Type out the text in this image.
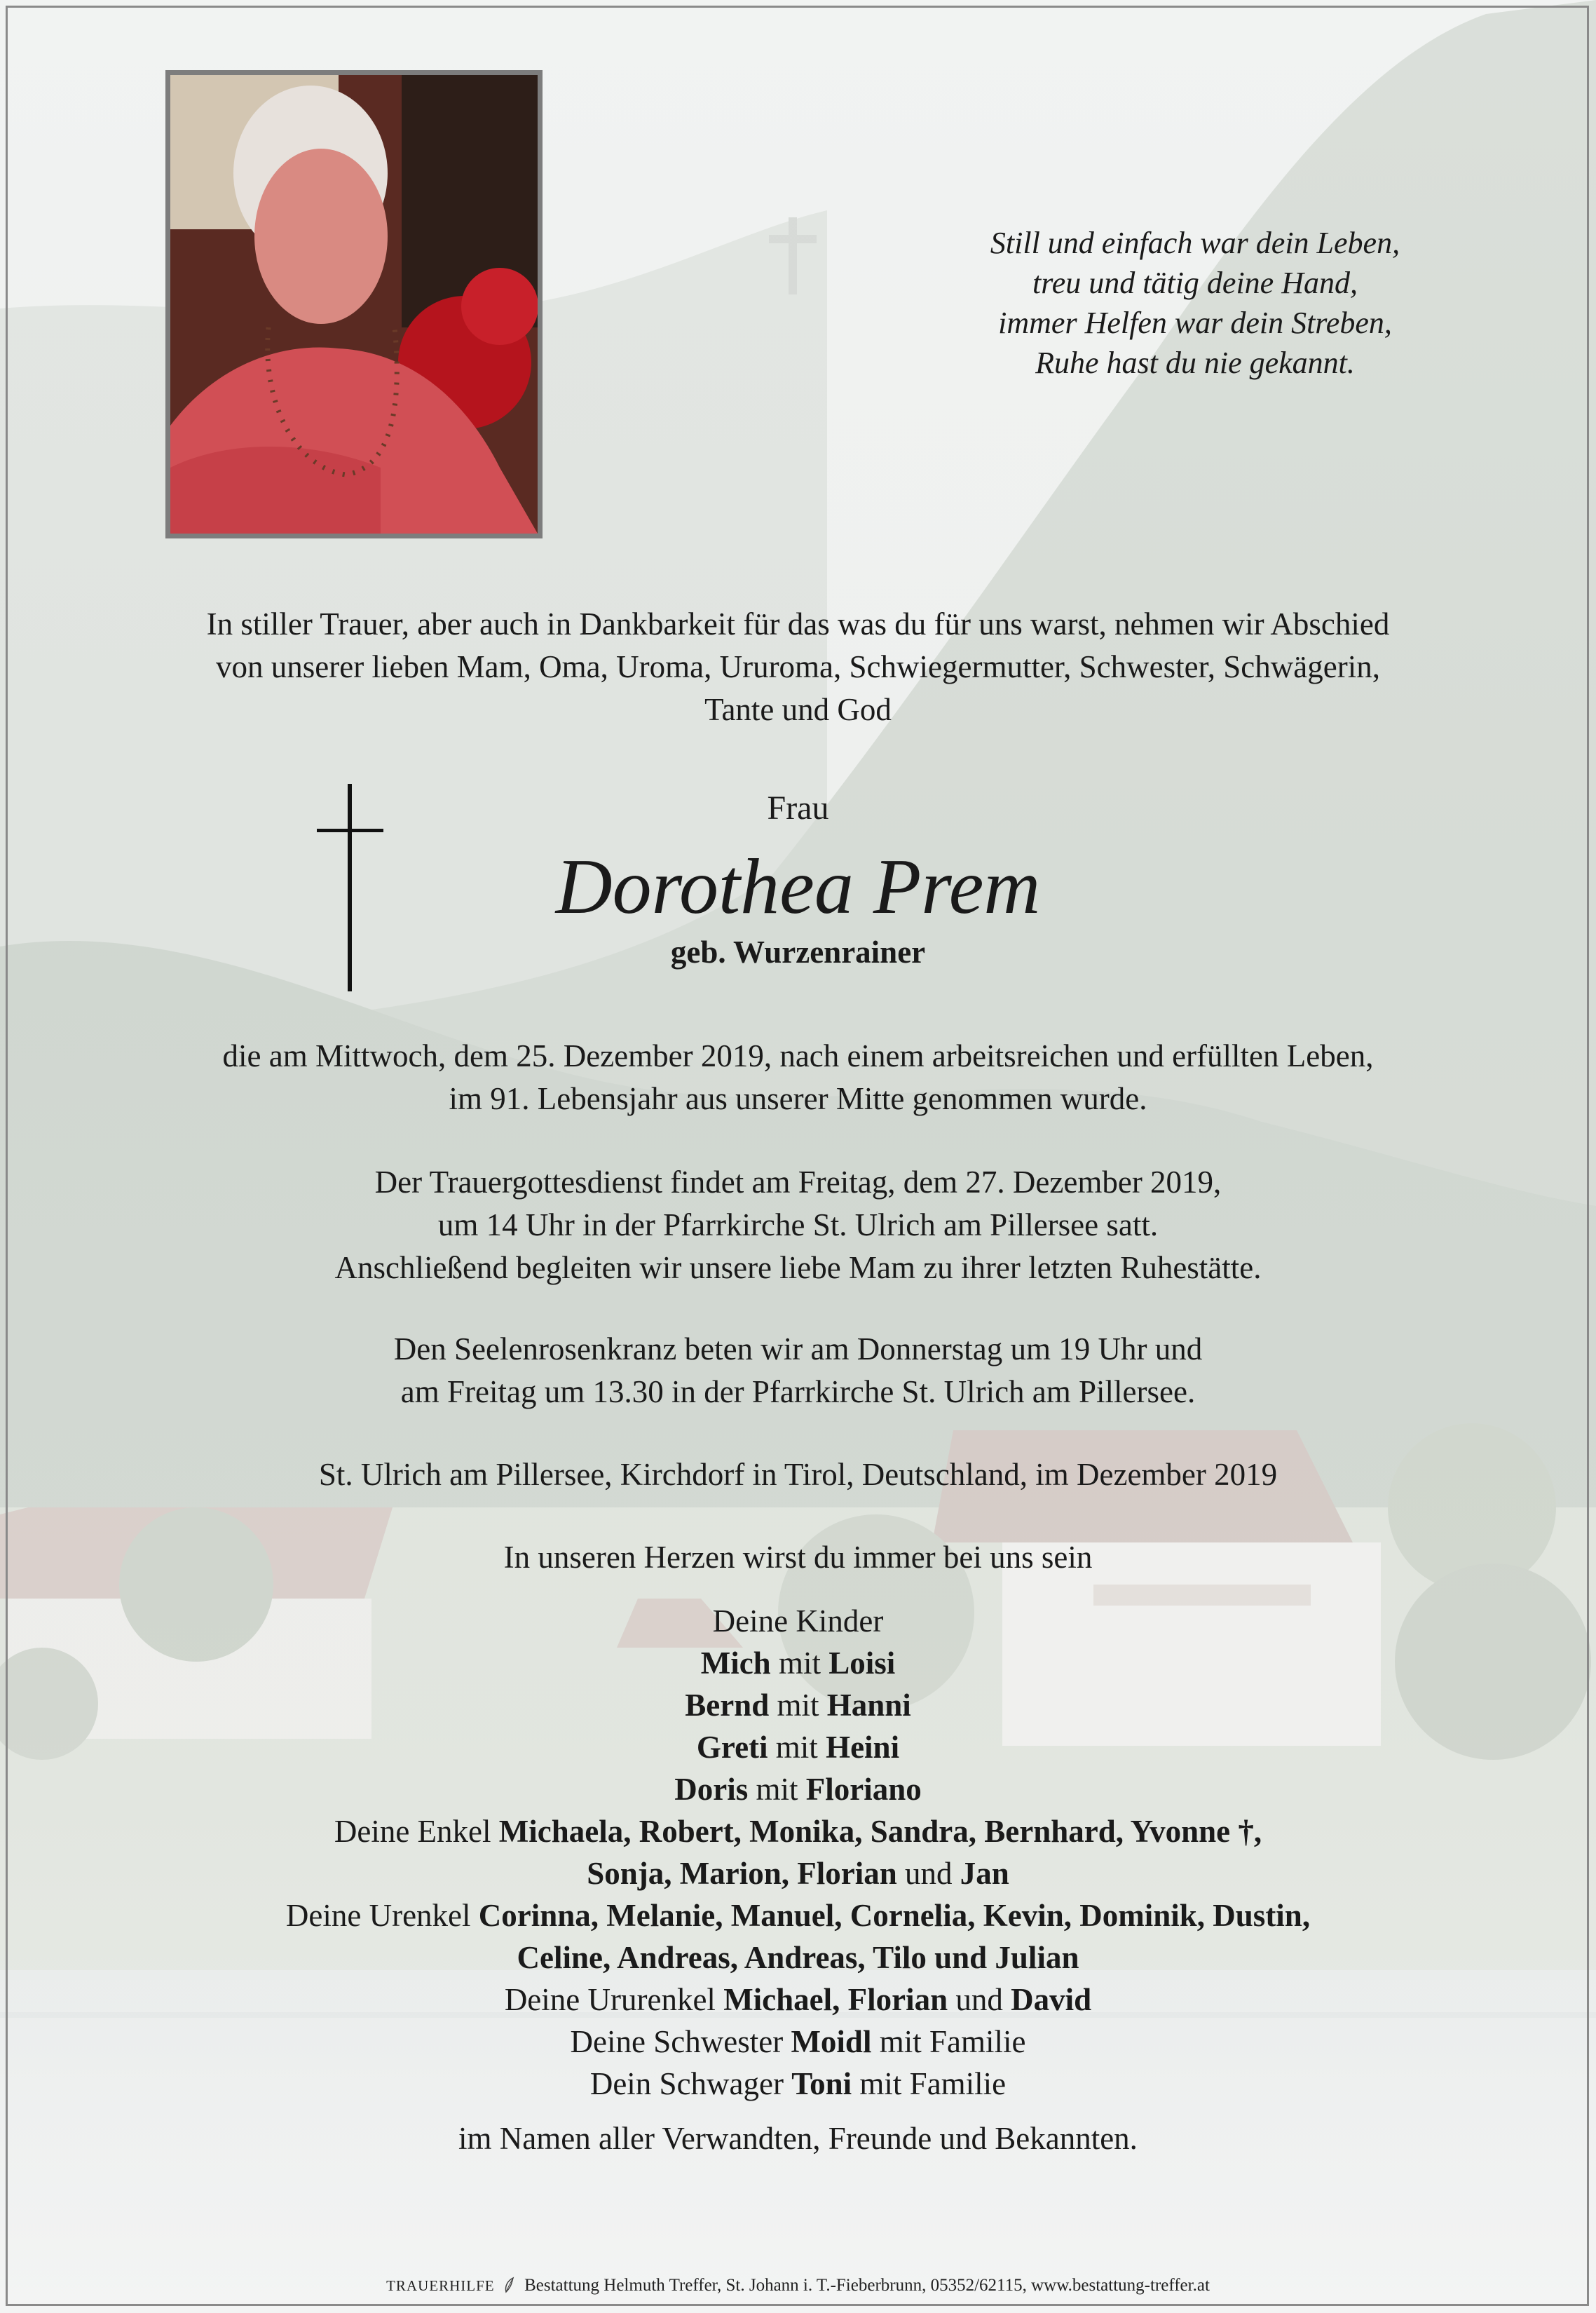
Still und einfach war dein Leben,
treu und tätig deine Hand,
immer Helfen war dein Streben,
Ruhe hast du nie gekannt.
In stiller Trauer, aber auch in Dankbarkeit für das was du für uns warst, nehmen wir Abschied
von unserer lieben Mam, Oma, Uroma, Ururoma, Schwiegermutter, Schwester, Schwägerin,
Tante und God
Frau
Dorothea Prem
geb. Wurzenrainer
die am Mittwoch, dem 25. Dezember 2019, nach einem arbeitsreichen und erfüllten Leben,
im 91. Lebensjahr aus unserer Mitte genommen wurde.
Der Trauergottesdienst findet am Freitag, dem 27. Dezember 2019,
um 14 Uhr in der Pfarrkirche St. Ulrich am Pillersee satt.
Anschließend begleiten wir unsere liebe Mam zu ihrer letzten Ruhestätte.
Den Seelenrosenkranz beten wir am Donnerstag um 19 Uhr und
am Freitag um 13.30 in der Pfarrkirche St. Ulrich am Pillersee.
St. Ulrich am Pillersee, Kirchdorf in Tirol, Deutschland, im Dezember 2019
In unseren Herzen wirst du immer bei uns sein
Deine Kinder
Mich mit Loisi
Bernd mit Hanni
Greti mit Heini
Doris mit Floriano
Deine Enkel Michaela, Robert, Monika, Sandra, Bernhard, Yvonne †,
Sonja, Marion, Florian und Jan
Deine Urenkel Corinna, Melanie, Manuel, Cornelia, Kevin, Dominik, Dustin,
Celine, Andreas, Andreas, Tilo und Julian
Deine Ururenkel Michael, Florian und David
Deine Schwester Moidl mit Familie
Dein Schwager Toni mit Familie
im Namen aller Verwandten, Freunde und Bekannten.
TRAUERHILFE Bestattung Helmuth Treffer, St. Johann i. T.-Fieberbrunn, 05352/62115, www.bestattung-treffer.at
